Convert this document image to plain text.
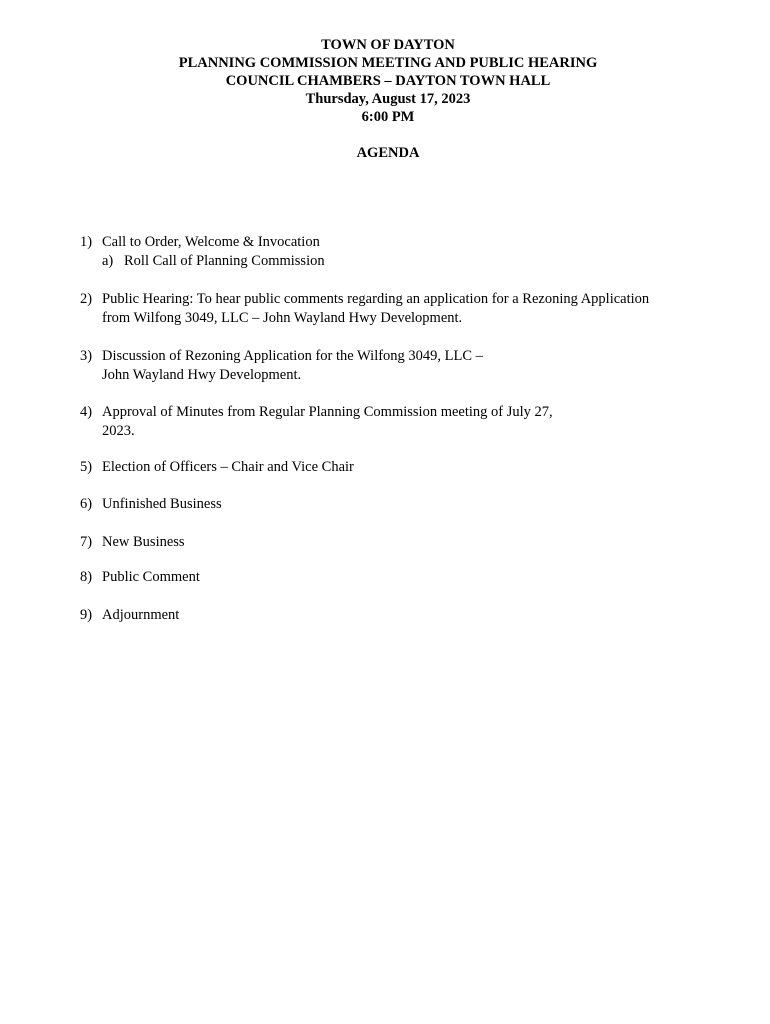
TOWN OF DAYTON
PLANNING COMMISSION MEETING AND PUBLIC HEARING
COUNCIL CHAMBERS – DAYTON TOWN HALL
Thursday, August 17, 2023
6:00 PM
AGENDA
1) Call to Order, Welcome & Invocation
a) Roll Call of Planning Commission
2) Public Hearing: To hear public comments regarding an application for a Rezoning Application
from Wilfong 3049, LLC – John Wayland Hwy Development.
3) Discussion of Rezoning Application for the Wilfong 3049, LLC –
John Wayland Hwy Development.
4) Approval of Minutes from Regular Planning Commission meeting of July 27,
2023.
5) Election of Officers – Chair and Vice Chair
6) Unfinished Business
7) New Business
8) Public Comment
9) Adjournment
